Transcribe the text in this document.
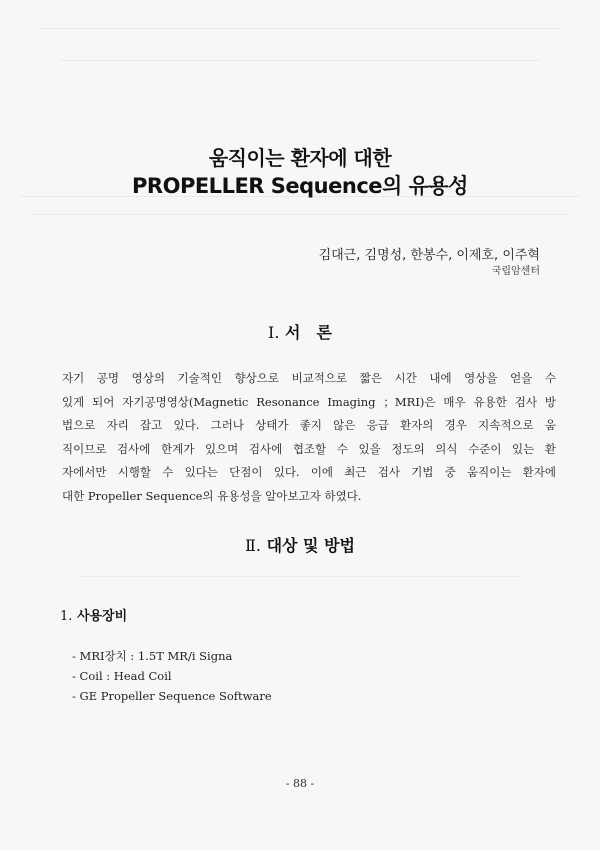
움직이는 환자에 대한
PROPELLER Sequence의 유용성
김대근, 김명성, 한봉수, 이제호, 이주혁
국립암센터
Ⅰ. 서　론
자기 공명 영상의 기술적인 향상으로 비교적으로 짧은 시간 내에 영상을 얻을 수
있게 되어 자기공명영상(Magnetic Resonance Imaging ；MRI)은 매우 유용한 검사 방
법으로 자리 잡고 있다. 그러나 상태가 좋지 않은 응급 환자의 경우 지속적으로 움
직이므로 검사에 한계가 있으며 검사에 협조할 수 있을 정도의 의식 수준이 있는 환
자에서만 시행할 수 있다는 단점이 있다. 이에 최근 검사 기법 중 움직이는 환자에
대한 Propeller Sequence의 유용성을 알아보고자 하였다.
Ⅱ. 대상 및 방법
1. 사용장비
- MRI장치 : 1.5T MR/i Signa
- Coil : Head Coil
- GE Propeller Sequence Software
- 88 -
